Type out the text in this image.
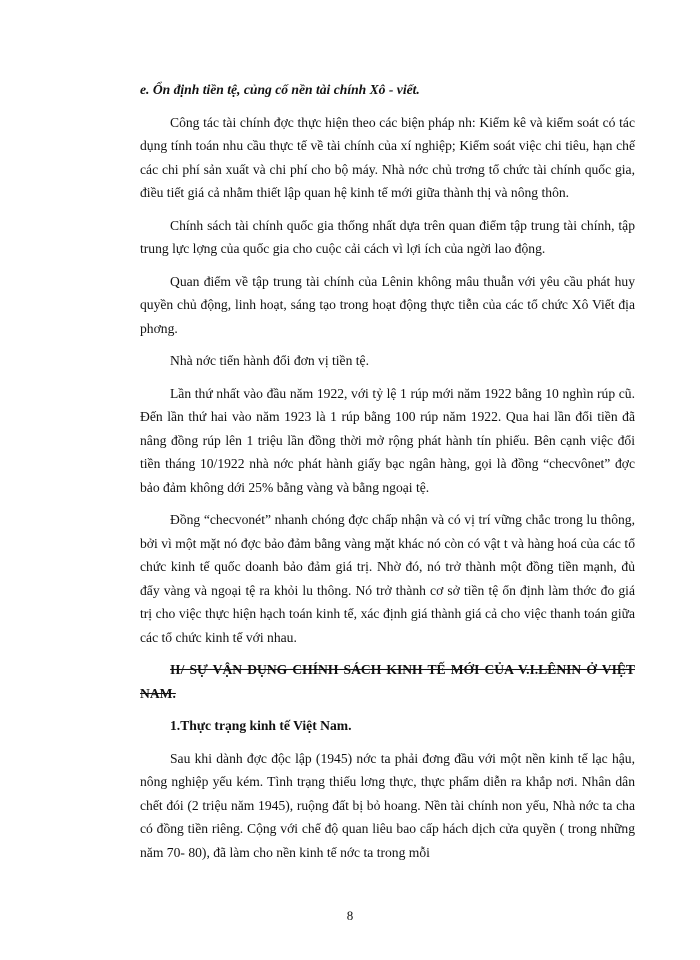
e. Ổn định tiền tệ, củng cố nền tài chính Xô - viết.

Công tác tài chính đợc thực hiện theo các biện pháp nh: Kiểm kê và kiểm soát có tác dụng tính toán nhu cầu thực tế về tài chính của xí nghiệp; Kiểm soát việc chi tiêu, hạn chế các chi phí sản xuất và chi phí cho bộ máy. Nhà nớc chủ trơng tổ chức tài chính quốc gia, điều tiết giá cả nhằm thiết lập quan hệ kinh tế mới giữa thành thị và nông thôn.

Chính sách tài chính quốc gia thống nhất dựa trên quan điểm tập trung tài chính, tập trung lực lợng của quốc gia cho cuộc cải cách vì lợi ích của ngời lao động.

Quan điểm về tập trung tài chính của Lênin không mâu thuẫn với yêu cầu phát huy quyền chủ động, linh hoạt, sáng tạo trong hoạt động thực tiễn của các tổ chức Xô Viết địa phơng.

Nhà nớc tiến hành đổi đơn vị tiền tệ.

Lần thứ nhất vào đầu năm 1922, với tỷ lệ 1 rúp mới năm 1922 bằng 10 nghìn rúp cũ. Đến lần thứ hai vào năm 1923 là 1 rúp bằng 100 rúp năm 1922. Qua hai lần đổi tiền đã nâng đồng rúp lên 1 triệu lần đồng thời mở rộng phát hành tín phiếu. Bên cạnh việc đổi tiền tháng 10/1922 nhà nớc phát hành giấy bạc ngân hàng, gọi là đồng “checvônet” đợc bảo đảm không dới 25% bằng vàng và bằng ngoại tệ.

Đồng “checvonét” nhanh chóng đợc chấp nhận và có vị trí vững chắc trong lu thông, bởi vì một mặt nó đợc bảo đảm bằng vàng mặt khác nó còn có vật t và hàng hoá của các tổ chức kinh tế quốc doanh bảo đảm giá trị. Nhờ đó, nó trở thành một đồng tiền mạnh, đủ đẩy vàng và ngoại tệ ra khỏi lu thông. Nó trở thành cơ sở tiền tệ ổn định làm thớc đo giá trị cho việc thực hiện hạch toán kinh tế, xác định giá thành giá cả cho việc thanh toán giữa các tổ chức kinh tế với nhau.

II/ SỰ VẬN DỤNG CHÍNH SÁCH KINH TẾ MỚI CỦA V.I.LÊNIN Ở VIỆT NAM.

1.Thực trạng kinh tế Việt Nam.

Sau khi dành đợc độc lập (1945) nớc ta phải đơng đầu với một nền kinh tế lạc hậu, nông nghiệp yếu kém. Tình trạng thiếu lơng thực, thực phẩm diễn ra khắp nơi. Nhân dân chết đói (2 triệu năm 1945), ruộng đất bị bỏ hoang. Nền tài chính non yếu, Nhà nớc ta cha có đồng tiền riêng. Cộng với chế độ quan liêu bao cấp hách dịch cửa quyền ( trong những năm 70- 80), đã làm cho nền kinh tế nớc ta trong mỗi

8
